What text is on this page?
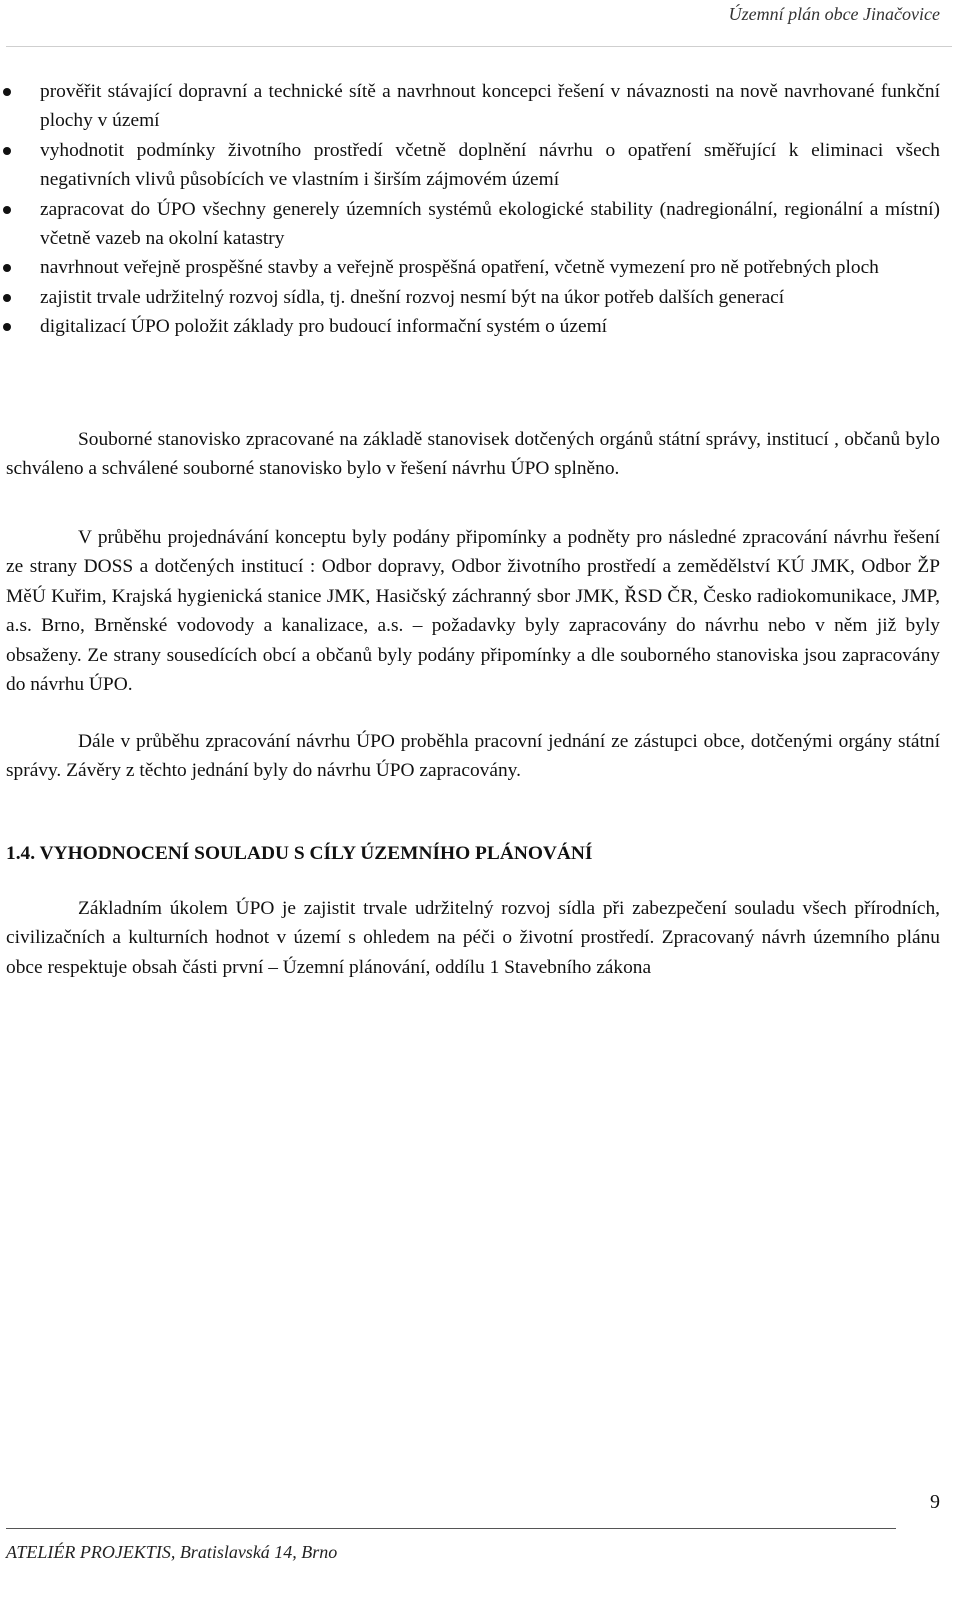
Územní plán obce Jinačovice
prověřit stávající dopravní a technické sítě a navrhnout koncepci řešení v návaznosti na nově navrhované funkční plochy v území
vyhodnotit podmínky životního prostředí včetně doplnění návrhu o opatření směřující k eliminaci všech negativních vlivů působících ve vlastním i širším zájmovém území
zapracovat do ÚPO všechny generely územních systémů ekologické stability (nadregionální, regionální a místní) včetně vazeb na okolní katastry
navrhnout veřejně prospěšné stavby a veřejně prospěšná opatření, včetně vymezení pro ně potřebných ploch
zajistit trvale udržitelný rozvoj sídla, tj. dnešní rozvoj nesmí být na úkor potřeb dalších generací
digitalizací ÚPO položit základy pro budoucí informační systém o území

Souborné stanovisko zpracované na základě stanovisek dotčených orgánů státní správy, institucí , občanů bylo schváleno a schválené souborné stanovisko bylo v řešení návrhu ÚPO splněno.

V průběhu projednávání konceptu byly podány připomínky a podněty pro následné zpracování návrhu řešení ze strany DOSS a dotčených institucí : Odbor dopravy, Odbor životního prostředí a zemědělství KÚ JMK, Odbor ŽP MěÚ Kuřim, Krajská hygienická stanice JMK, Hasičský záchranný sbor JMK, ŘSD ČR, Česko radiokomunikace, JMP, a.s. Brno, Brněnské vodovody a kanalizace, a.s. – požadavky byly zapracovány do návrhu nebo v něm již byly obsaženy. Ze strany sousedících obcí a občanů byly podány připomínky a dle souborného stanoviska jsou zapracovány do návrhu ÚPO.

Dále v průběhu zpracování návrhu ÚPO proběhla pracovní jednání ze zástupci obce, dotčenými orgány státní správy. Závěry z těchto jednání byly do návrhu ÚPO zapracovány.

1.4. VYHODNOCENÍ SOULADU S CÍLY ÚZEMNÍHO PLÁNOVÁNÍ

Základním úkolem ÚPO je zajistit trvale udržitelný rozvoj sídla při zabezpečení souladu všech přírodních, civilizačních a kulturních hodnot v území s ohledem na péči o životní prostředí. Zpracovaný návrh územního plánu obce respektuje obsah části první – Územní plánování, oddílu 1 Stavebního zákona

9
ATELIÉR PROJEKTIS, Bratislavská 14, Brno
